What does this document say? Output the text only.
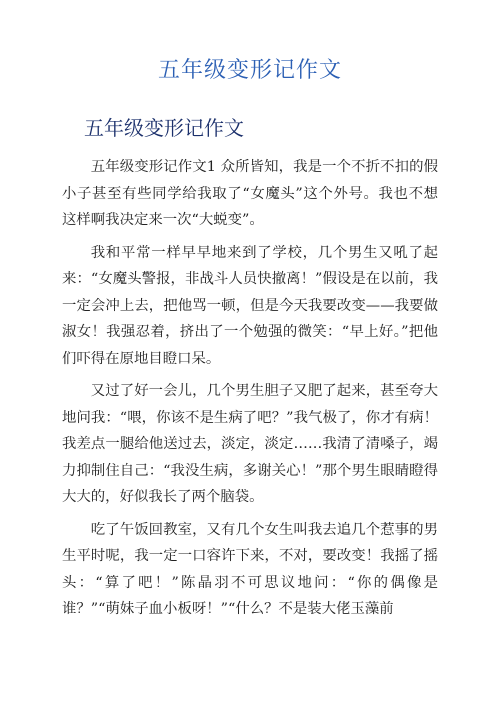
五年级变形记作文
五年级变形记作文

五年级变形记作文1 众所皆知，我是一个不折不扣的假 小子甚至有些同学给我取了“女魔头”这个外号。我也不想 这样啊我决定来一次“大蜕变”。

我和平常一样早早地来到了学校，几个男生又吼了起来：“女魔头警报，非战斗人员快撤离！”假设是在以前，我一定会冲上去，把他骂一顿，但是今天我要改变——我要做淑女！我强忍着，挤出了一个勉强的微笑：“早上好。”把他们吓得在原地目瞪口呆。

又过了好一会儿，几个男生胆子又肥了起来，甚至夸大地问我：“喂，你该不是生病了吧？”我气极了，你才有病！我差点一腿给他送过去，淡定，淡定……我清了清嗓子，竭力抑制住自己：“我没生病，多谢关心！”那个男生眼睛瞪得大大的，好似我长了两个脑袋。

吃了午饭回教室，又有几个女生叫我去追几个惹事的男 生平时呢，我一定一口容许下来，不对，要改变！我摇了摇 头：“算了吧！”陈晶羽不可思议地问：“你的偶像是 谁？”“萌妹子血小板呀！”“什么？不是装大佬玉藻前
